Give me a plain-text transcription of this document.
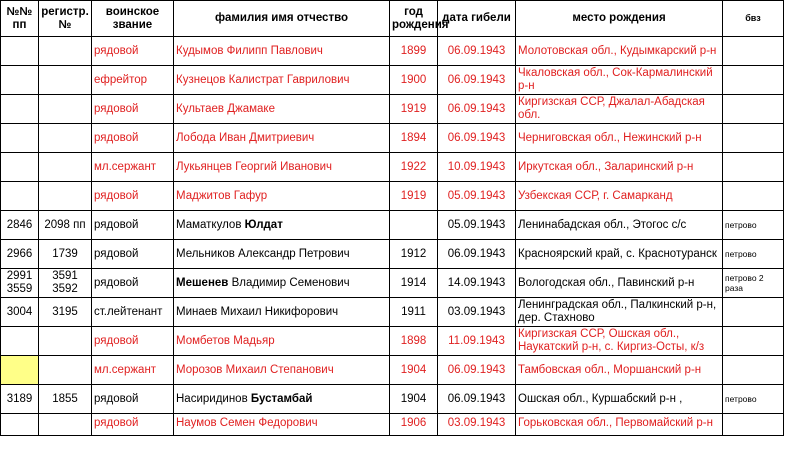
№№ пп	регистр. №	воинское звание	фамилия имя отчество	год рождения	дата гибели	место рождения	бвз
		рядовой	Кудымов Филипп Павлович	1899	06.09.1943	Молотовская обл., Кудымкарский р-н	
		ефрейтор	Кузнецов Калистрат Гаврилович	1900	06.09.1943	Чкаловская обл., Сок-Кармалинский р-н	
		рядовой	Культаев Джамаке	1919	06.09.1943	Киргизская ССР, Джалал-Абадская обл.	
		рядовой	Лобода Иван Дмитриевич	1894	06.09.1943	Черниговская обл., Нежинский р-н	
		мл.сержант	Лукьянцев Георгий Иванович	1922	10.09.1943	Иркутская обл., Заларинский р-н	
		рядовой	Маджитов Гафур	1919	05.09.1943	Узбекская ССР, г. Самарканд	
2846	2098 пп	рядовой	Маматкулов Юлдат		05.09.1943	Ленинабадская обл., Этогос с/с	петрово
2966	1739	рядовой	Мельников Александр Петрович	1912	06.09.1943	Красноярский край, с. Краснотуранск	петрово
2991 3559	3591 3592	рядовой	Мешенев Владимир Семенович	1914	14.09.1943	Вологодская обл., Павинский р-н	петрово 2 раза
3004	3195	ст.лейтенант	Минаев Михаил Никифорович	1911	03.09.1943	Ленинградская обл., Палкинский р-н, дер. Стахново	
		рядовой	Момбетов Мадьяр	1898	11.09.1943	Киргизская ССР, Ошская обл., Наукатский р-н, с. Киргиз-Осты, к/з	
		мл.сержант	Морозов Михаил Степанович	1904	06.09.1943	Тамбовская обл., Моршанский р-н	
3189	1855	рядовой	Насиридинов Бустамбай	1904	06.09.1943	Ошская обл., Куршабский р-н ,	петрово
		рядовой	Наумов Семен Федорович	1906	03.09.1943	Горьковская обл., Первомайский р-н	
